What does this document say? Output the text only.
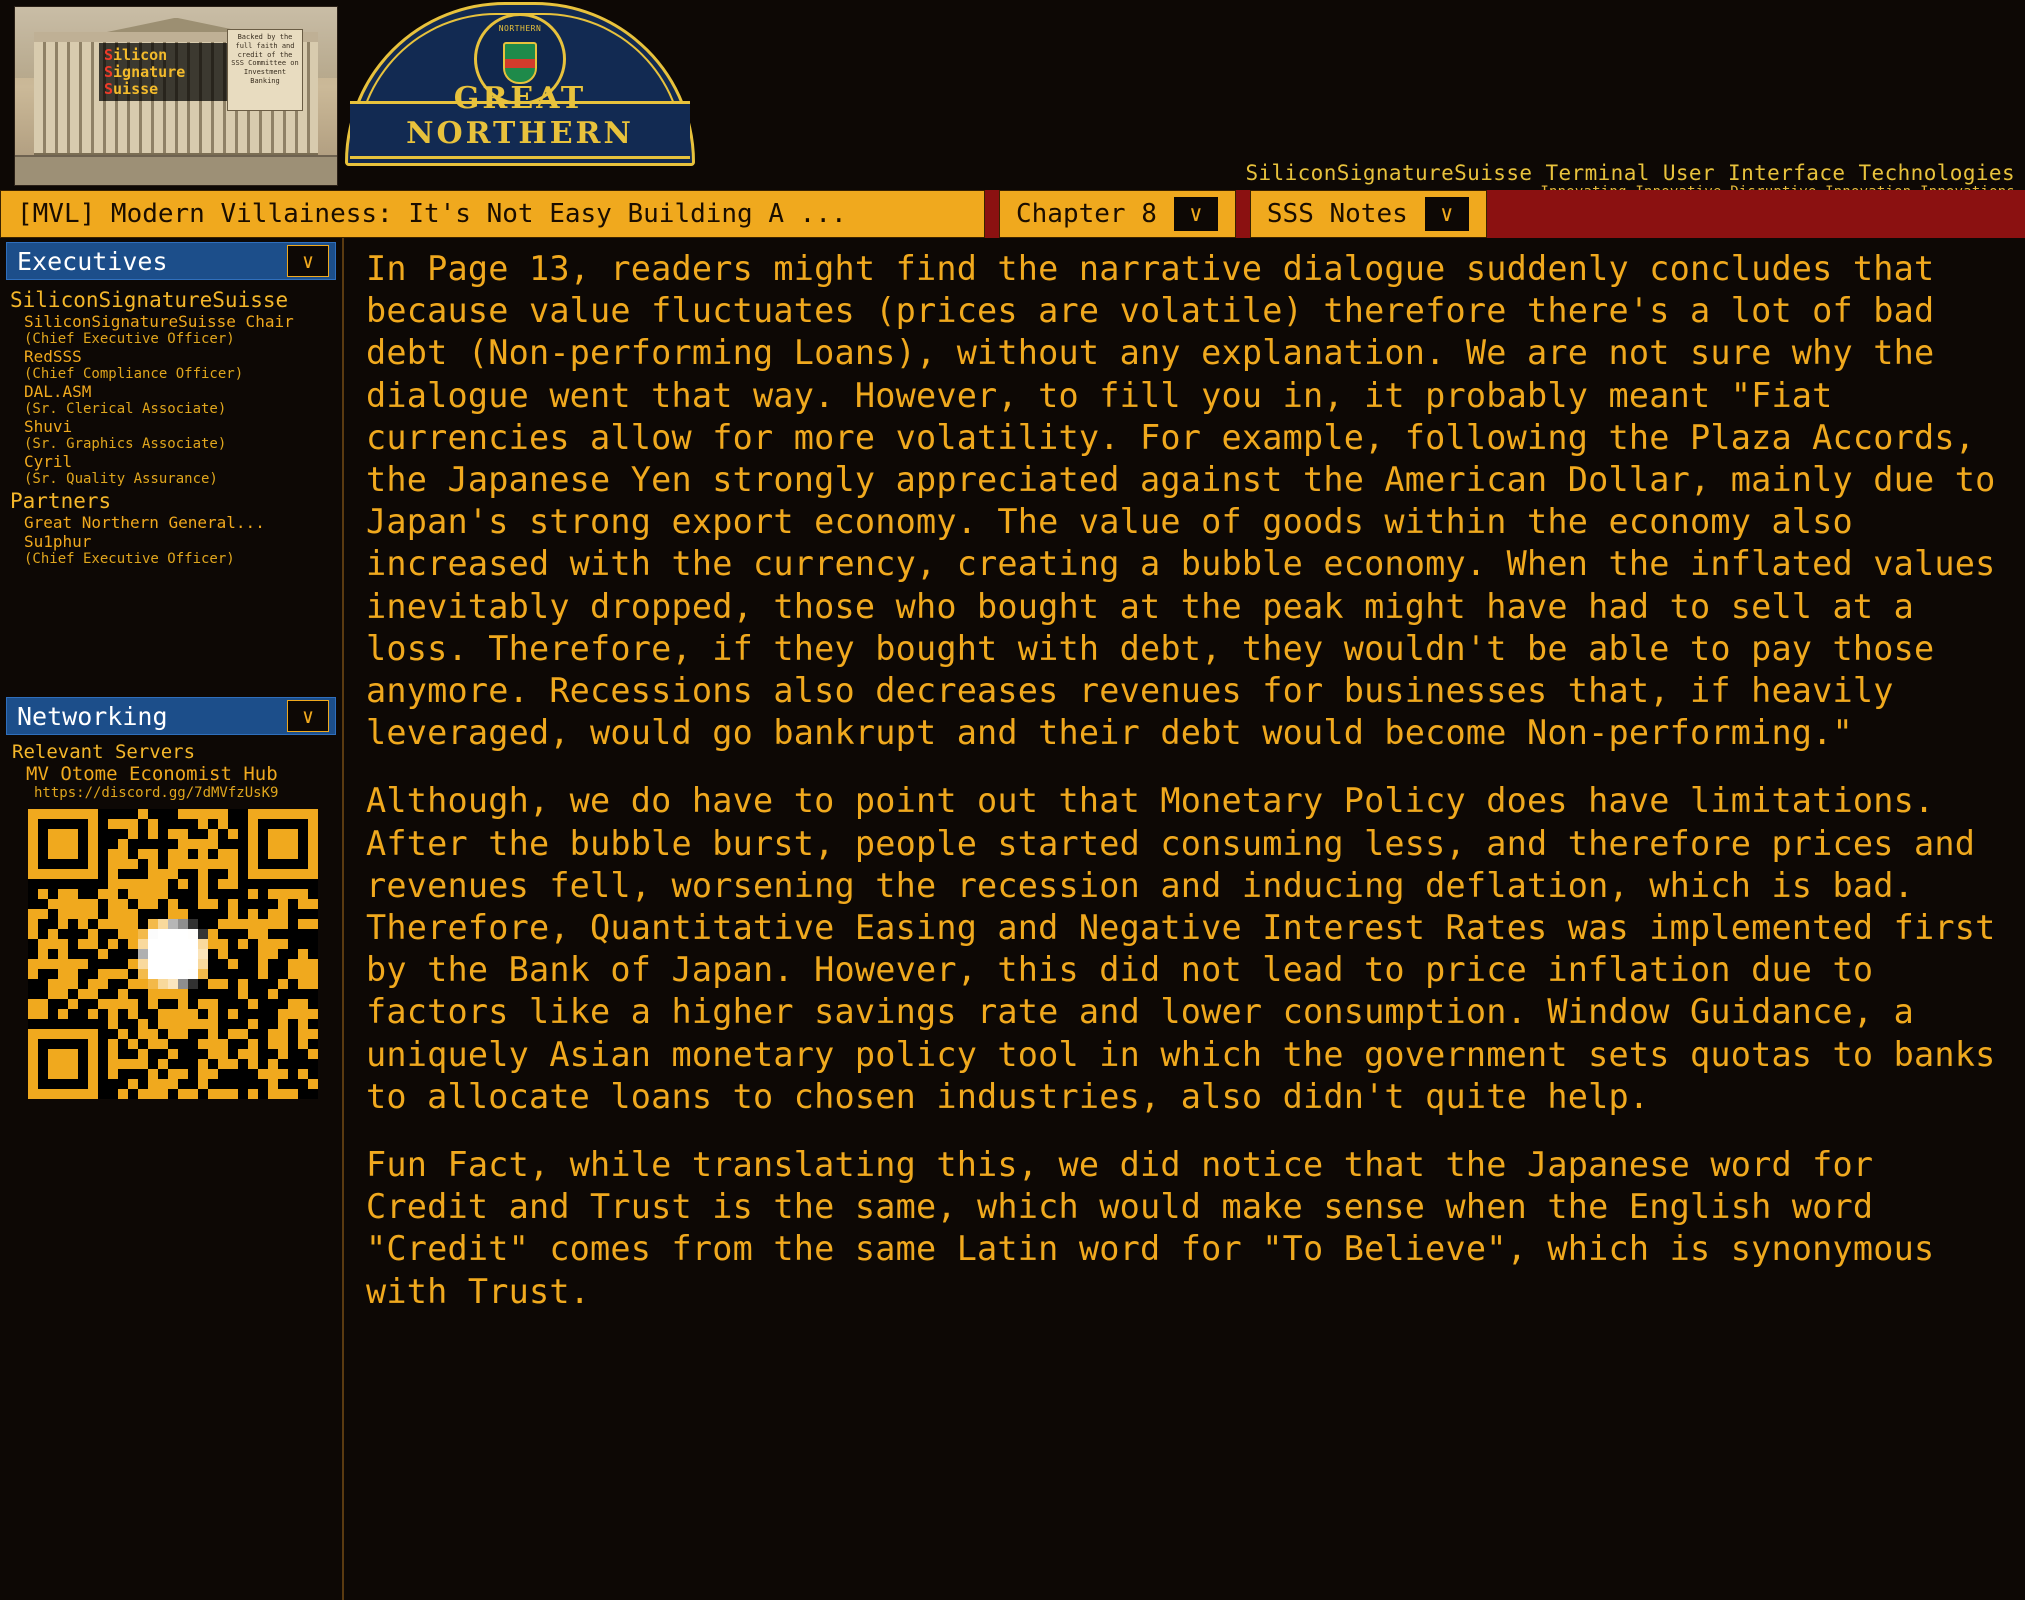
Silicon
Signature
Suisse
Backed by the full faith and credit of the SSS Committee on Investment Banking
NORTHERN
GREAT NORTHERN
SiliconSignatureSuisse Terminal User Interface Technologies
[MVL] Modern Villainess: It's Not Easy Building A ...	Chapter 8	∨	SSS Notes	∨
Executives	∨
SiliconSignatureSuisse
SiliconSignatureSuisse Chair
(Chief Executive Officer)
RedSSS
(Chief Compliance Officer)
DAL.ASM
(Sr. Clerical Associate)
Shuvi
(Sr. Graphics Associate)
Cyril
(Sr. Quality Assurance)
Partners
Great Northern General...
Su1phur
(Chief Executive Officer)
Networking	∨
Relevant Servers
MV Otome Economist Hub
https://discord.gg/7dMVfzUsK9

In Page 13, readers might find the narrative dialogue suddenly concludes that because value fluctuates (prices are volatile) therefore there's a lot of bad debt (Non-performing Loans), without any explanation. We are not sure why the dialogue went that way. However, to fill you in, it probably meant "Fiat currencies allow for more volatility. For example, following the Plaza Accords, the Japanese Yen strongly appreciated against the American Dollar, mainly due to Japan's strong export economy. The value of goods within the economy also increased with the currency, creating a bubble economy. When the inflated values inevitably dropped, those who bought at the peak might have had to sell at a loss. Therefore, if they bought with debt, they wouldn't be able to pay those anymore. Recessions also decreases revenues for businesses that, if heavily leveraged, would go bankrupt and their debt would become Non-performing."

Although, we do have to point out that Monetary Policy does have limitations. After the bubble burst, people started consuming less, and therefore prices and revenues fell, worsening the recession and inducing deflation, which is bad. Therefore, Quantitative Easing and Negative Interest Rates was implemented first by the Bank of Japan. However, this did not lead to price inflation due to factors like a higher savings rate and lower consumption. Window Guidance, a uniquely Asian monetary policy tool in which the government sets quotas to banks to allocate loans to chosen industries, also didn't quite help.

Fun Fact, while translating this, we did notice that the Japanese word for Credit and Trust is the same, which would make sense when the English word "Credit" comes from the same Latin word for "To Believe", which is synonymous with Trust.
